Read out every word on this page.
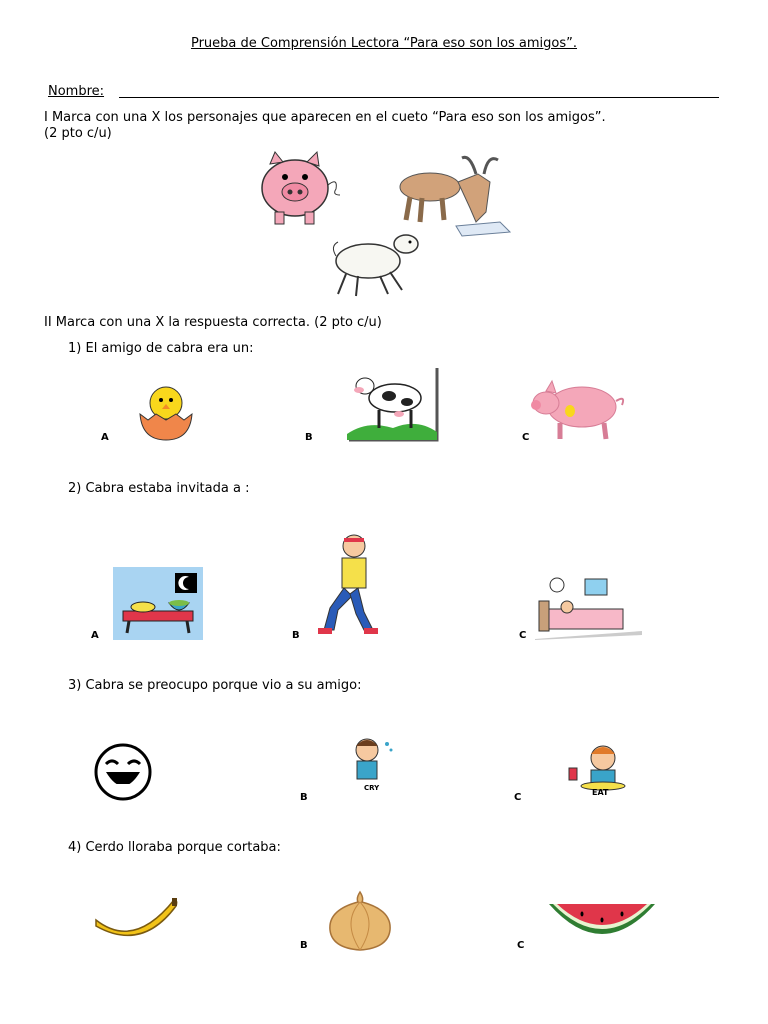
Prueba de Comprensión Lectora “Para eso son los amigos”.
Nombre:
I Marca con una X los personajes que aparecen en el cueto “Para eso son los amigos”.
(2 pto c/u)
II Marca con una X la respuesta correcta. (2 pto c/u)
1) El amigo de cabra era un:
A	B	C
2) Cabra estaba invitada a :
A	B	C
3) Cabra se preocupo porque vio a su amigo:
B
CRY
C	EAT
4) Cerdo lloraba porque cortaba:
B	C
